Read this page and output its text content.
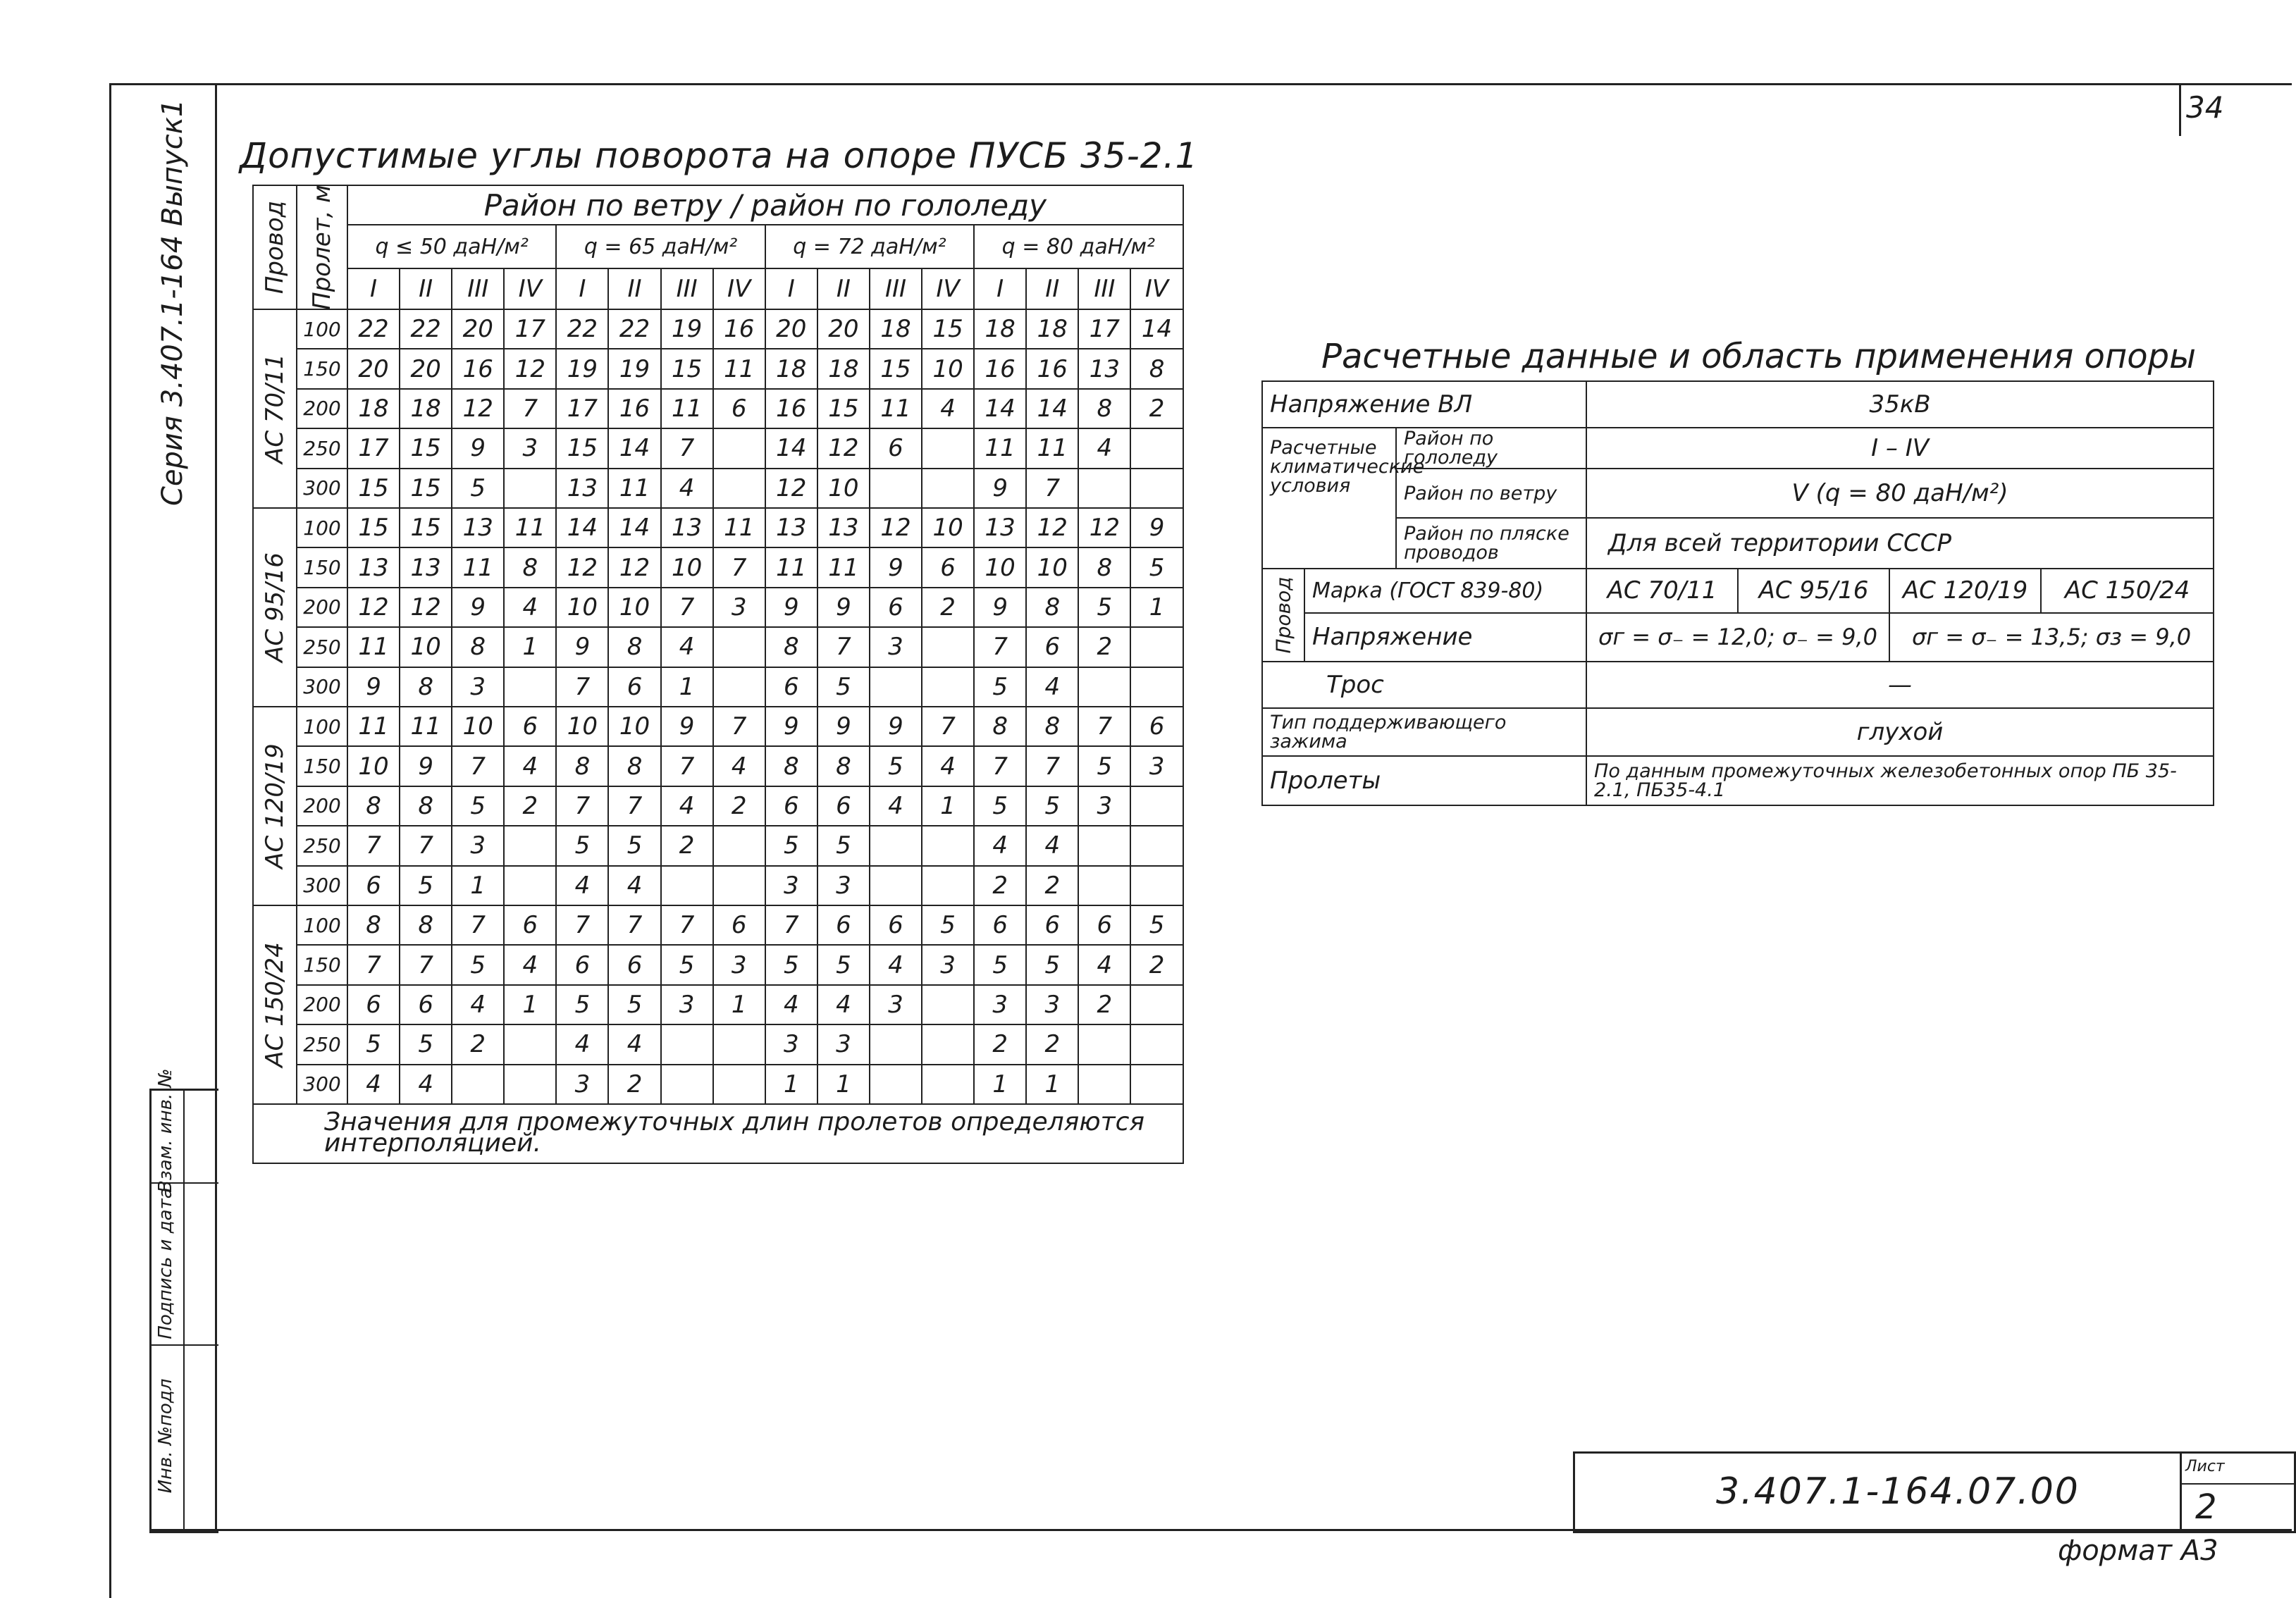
34
Серия 3.407.1-164 Выпуск1
Инв. №подл
Подпись и дата
Взам. инв. №
Допустимые углы поворота на опоре ПУСБ 35-2.1
Провод	Пролет, м	Район по ветру / район по гололеду															
		q ≤ 50 даН/м²				q = 65 даН/м²				q = 72 даН/м²				q = 80 даН/м²			
		I	II	III	IV	I	II	III	IV	I	II	III	IV	I	II	III	IV

АС 70/11	100	22	22	20	17	22	22	19	16	20	20	18	15	18	18	17	14
	150	20	20	16	12	19	19	15	11	18	18	15	10	16	16	13	8
	200	18	18	12	7	17	16	11	6	16	15	11	4	14	14	8	2
	250	17	15	9	3	15	14	7		14	12	6		11	11	4	
	300	15	15	5		13	11	4		12	10			9	7		

АС 95/16	100	15	15	13	11	14	14	13	11	13	13	12	10	13	12	12	9
	150	13	13	11	8	12	12	10	7	11	11	9	6	10	10	8	5
	200	12	12	9	4	10	10	7	3	9	9	6	2	9	8	5	1
	250	11	10	8	1	9	8	4		8	7	3		7	6	2	
	300	9	8	3		7	6	1		6	5			5	4		

АС 120/19	100	11	11	10	6	10	10	9	7	9	9	9	7	8	8	7	6
	150	10	9	7	4	8	8	7	4	8	8	5	4	7	7	5	3
	200	8	8	5	2	7	7	4	2	6	6	4	1	5	5	3	
	250	7	7	3		5	5	2		5	5			4	4		
	300	6	5	1		4	4			3	3			2	2		

АС 150/24	100	8	8	7	6	7	7	7	6	7	6	6	5	6	6	6	5
	150	7	7	5	4	6	6	5	3	5	5	4	3	5	5	4	2
	200	6	6	4	1	5	5	3	1	4	4	3		3	3	2	
	250	5	5	2		4	4			3	3			2	2		
	300	4	4			3	2			1	1			1	1		
Значения для промежуточных длин пролетов определяются интерполяцией.																	
Расчетные данные и область применения опоры
Напряжение ВЛ			35кВ			
Расчетные климатические условия		Район по гололеду	I – IV			
		Район по ветру	V (q = 80 даН/м²)			
		Район по пляске проводов	Для всей территории СССР			

Провод	Марка (ГОСТ 839-80)		АС 70/11	АС 95/16	АС 120/19	АС 150/24
	Напряжение		σг = σ₋ = 12,0; σ₋ = 9,0		σг = σ₋ = 13,5; σз = 9,0	
Трос			—			
Тип поддерживающего зажима			глухой			
Пролеты			По данным промежуточных железобетонных опор ПБ 35-2.1, ПБ35-4.1			
3.407.1-164.07.00
Лист
2
формат А3
